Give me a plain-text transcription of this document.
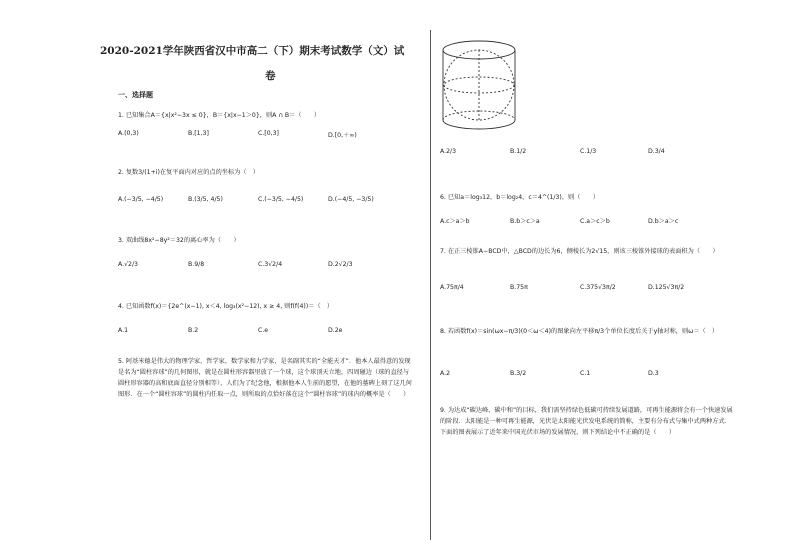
2020-2021学年陕西省汉中市高二（下）期末考试数学（文）试
卷
一、选择题
1. 已知集合A＝{x|x²−3x ≤ 0}，B＝{x|x−1＞0}，则A ∩ B＝（　　）
A.(0,3)	B.[1,3]	C.[0,3]	D.[0,＋∞)
2. 复数3/(1+i)在复平面内对应的点的坐标为（　）
A.(−3/5, −4/5)	B.(3/5, 4/5)	C.(−3/5, −4/5)	D.(−4/5, −3/5)
3. 双曲线8x²−8y²＝32的离心率为（　　）
A.√2/3	B.9/8	C.3√2/4	D.2√2/3
4. 已知函数f(x)＝{2e^(x−1), x＜4, log₃(x²−12), x ≥ 4, 则f(f(4))＝（　）
A.1	B.2	C.e	D.2e
5. 阿基米德是伟大的物理学家，哲学家，数学家和力学家，是名副其实的“全能天才”．他本人最得意的发现是名为“圆柱容球”的几何图形，就是在圆柱形容器里放了一个球，这个球顶天立地，四周碰边（球的直径与圆柱形容器的高和底面直径分别相等），人们为了纪念他，根据他本人生前的愿望，在他的墓碑上刻了这几何图形．在一个“圆柱容球”的圆柱内任取一点，则所取的点恰好落在这个“圆柱容球”的球内的概率是（　　）
A.2/3	B.1/2	C.1/3	D.3/4
6. 已知a＝log₃12，b＝log₂4，c＝4^(1/3)，则（　　）
A.c＞a＞b	B.b＞c＞a	C.a＞c＞b	D.b＞a＞c
7. 在正三棱锥A−BCD中，△BCD的边长为6，侧棱长为2√15，则该三棱锥外接球的表面积为（　　）
A.75π/4	B.75π	C.375√3π/2	D.125√3π/2
8. 若函数f(x)＝sin(ωx−π/3)(0＜ω＜4)的图象向左平移π/3个单位长度后关于y轴对称，则ω＝（　）
A.2	B.3/2	C.1	D.3
9. 为达成“碳达峰、碳中和”的目标，我们需坚持绿色低碳可持续发展道路，可再生能源将会有一个快速发展的阶段．太阳能是一种可再生能源，光伏是太阳能光伏发电系统的简称，主要有分布式与集中式两种方式．下面的图表展示了近年来中国光伏市场的发展情况，则下列结论中不正确的是（　　）
